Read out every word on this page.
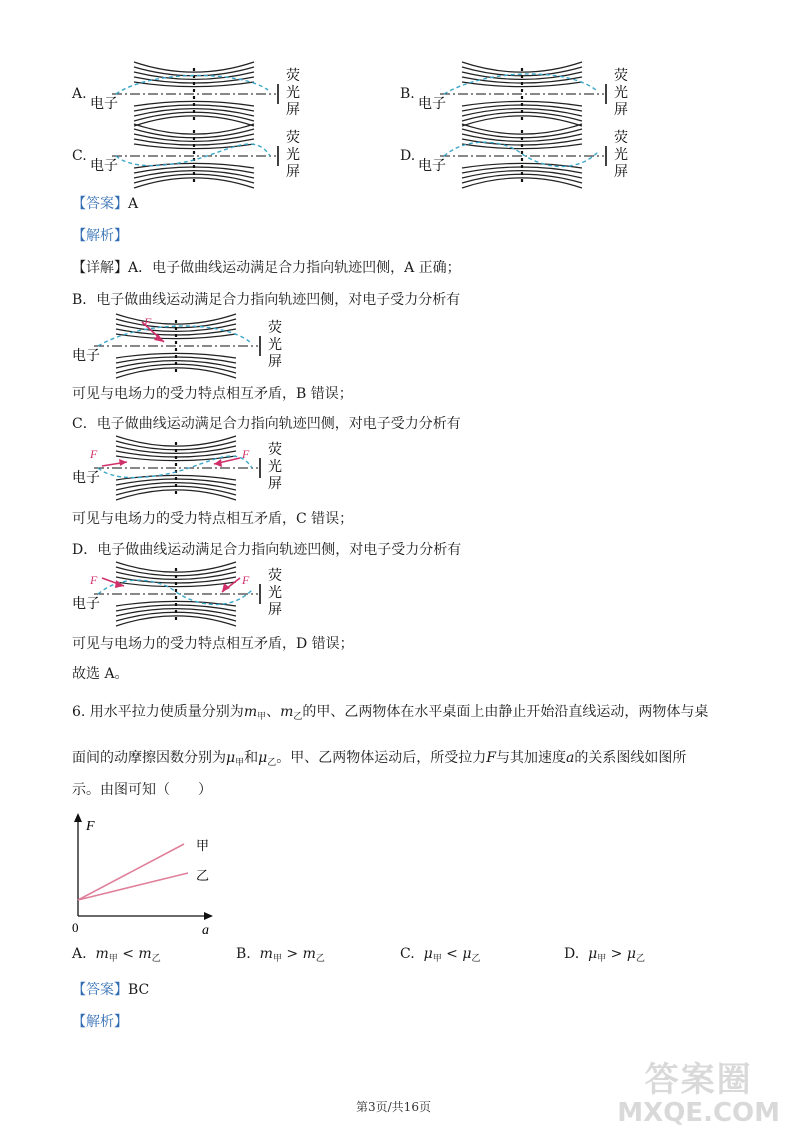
A.
电子
荧
光
屏
B.
电子
荧
光
屏
C.
电子
荧
光
屏
D.
电子
荧
光
屏
【答案】A
【解析】
【详解】A．电子做曲线运动满足合力指向轨迹凹侧，A 正确；
B．电子做曲线运动满足合力指向轨迹凹侧，对电子受力分析有
F
电子
荧
光
屏
可见与电场力的受力特点相互矛盾，B 错误；
C．电子做曲线运动满足合力指向轨迹凹侧，对电子受力分析有
F	F
电子
荧
光
屏
可见与电场力的受力特点相互矛盾，C 错误；
D．电子做曲线运动满足合力指向轨迹凹侧，对电子受力分析有
F	F
电子
荧
光
屏
可见与电场力的受力特点相互矛盾，D 错误；
故选 A。
6. 用水平拉力使质量分别为$m_甲$、$m_乙$的甲、乙两物体在水平桌面上由静止开始沿直线运动，两物体与桌
面间的动摩擦因数分别为$\mu_甲$和$\mu_乙$。甲、乙两物体运动后，所受拉力F与其加速度a的关系图线如图所
示。由图可知（　　）
F
a
0
甲
乙
A. $m_甲 < m_乙$	B. $m_甲 > m_乙$	C. $\mu_甲 < \mu_乙$	D. $\mu_甲 > \mu_乙$
【答案】BC
【解析】
第3页/共16页
答案圈
MXQE.COM
